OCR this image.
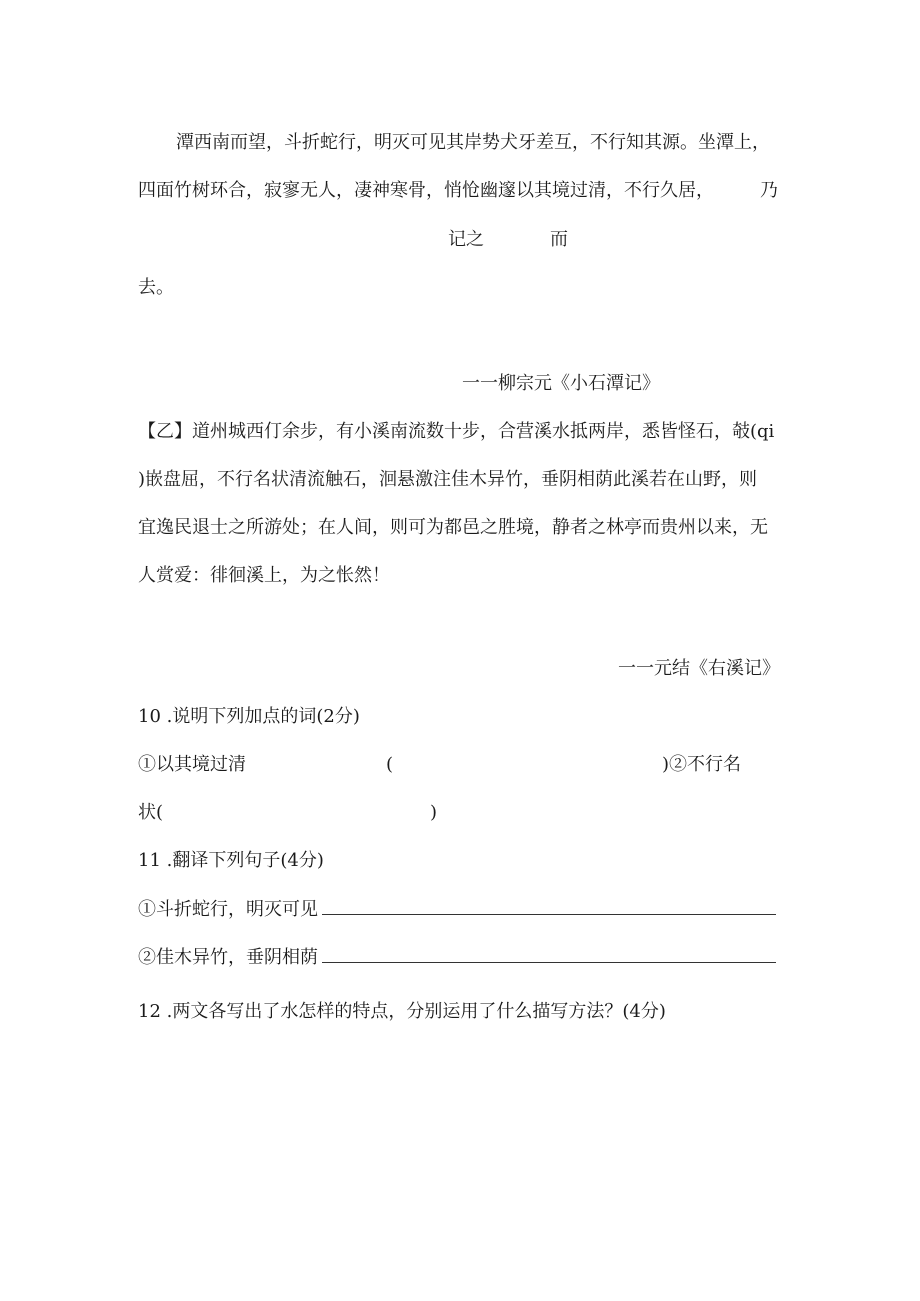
潭西南而望，斗折蛇行，明灭可见其岸势犬牙差互，不行知其源。坐潭上，
四面竹树环合，寂寥无人，凄神寒骨，悄怆幽邃以其境过清，不行久居，	乃
记之	而
去。
一一柳宗元《小石潭记》
【乙】道州城西仃余步，有小溪南流数十步，合营溪水抵两岸，悉皆怪石，攲(qi
)嵌盘屈，不行名状清流触石，洄悬激注佳木异竹，垂阴相荫此溪若在山野，则
宜逸民退士之所游处；在人间，则可为都邑之胜境，静者之林亭而贵州以来，无
人赏爱：徘徊溪上，为之怅然！
一一元结《右溪记》
10 .说明下列加点的词(2分)
①以其境过清	(	)②不行名
状(	)
11 .翻译下列句子(4分)
①斗折蛇行，明灭可见
②佳木异竹，垂阴相荫
12 .两文各写出了水怎样的特点，分别运用了什么描写方法？(4分)
